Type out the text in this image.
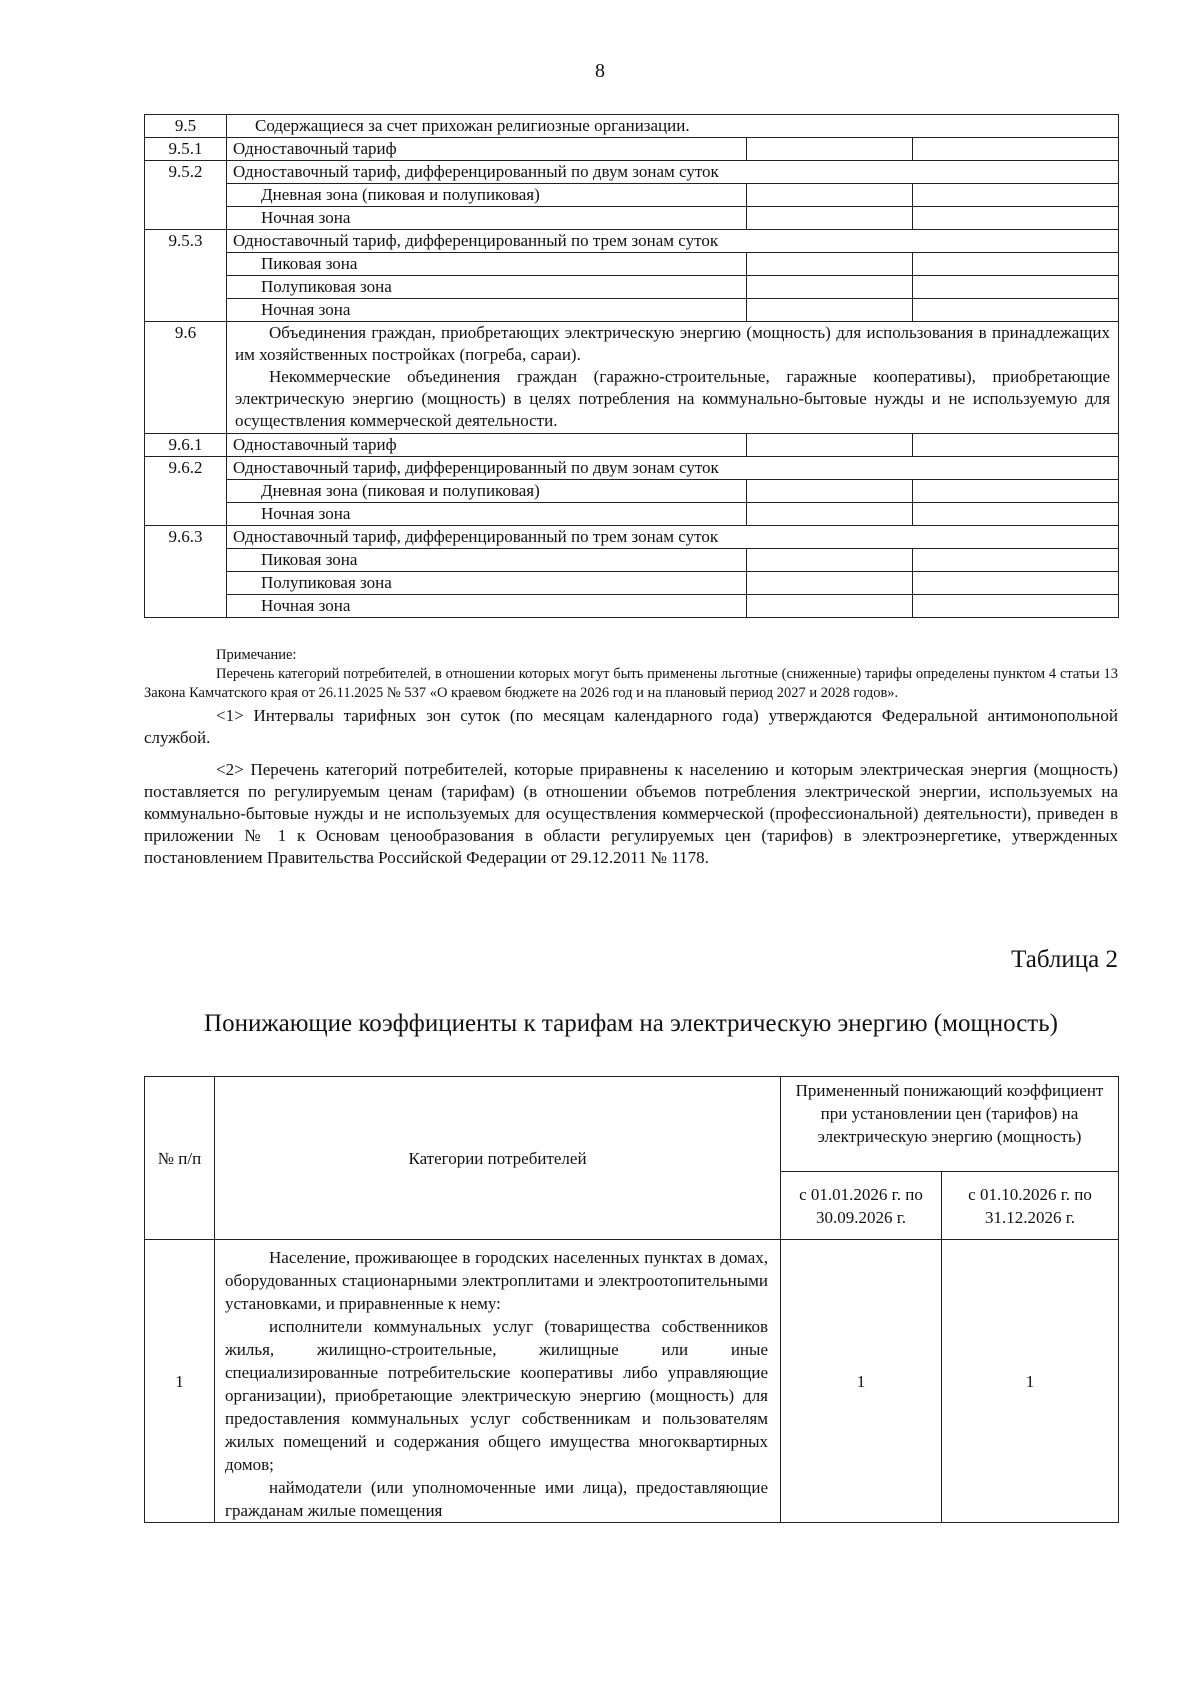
8
9.5	Содержащиеся за счет прихожан религиозные организации.		
9.5.1	Одноставочный тариф		
9.5.2	Одноставочный тариф, дифференцированный по двум зонам суток		
	Дневная зона (пиковая и полупиковая)		
	Ночная зона		
9.5.3	Одноставочный тариф, дифференцированный по трем зонам суток		
	Пиковая зона		
	Полупиковая зона		
	Ночная зона		
9.6	Объединения граждан, приобретающих электрическую энергию (мощность) для использования в принадлежащих им хозяйственных постройках (погреба, сараи).

Некоммерческие объединения граждан (гаражно-строительные, гаражные кооперативы), приобретающие электрическую энергию (мощность) в целях потребления на коммунально-бытовые нужды и не используемую для осуществления коммерческой деятельности.		

9.6.1	Одноставочный тариф		
9.6.2	Одноставочный тариф, дифференцированный по двум зонам суток		
	Дневная зона (пиковая и полупиковая)		
	Ночная зона		
9.6.3	Одноставочный тариф, дифференцированный по трем зонам суток		
	Пиковая зона		
	Полупиковая зона		
	Ночная зона		
Примечание:
Перечень категорий потребителей, в отношении которых могут быть применены льготные (сниженные) тарифы определены пунктом 4 статьи 13 Закона Камчатского края от 26.11.2025 № 537 «О краевом бюджете на 2026 год и на плановый период 2027 и 2028 годов».
<1> Интервалы тарифных зон суток (по месяцам календарного года) утверждаются Федеральной антимонопольной службой.
<2> Перечень категорий потребителей, которые приравнены к населению и которым электрическая энергия (мощность) поставляется по регулируемым ценам (тарифам) (в отношении объемов потребления электрической энергии, используемых на коммунально-бытовые нужды и не используемых для осуществления коммерческой (профессиональной) деятельности), приведен в приложении № 1 к Основам ценообразования в области регулируемых цен (тарифов) в электроэнергетике, утвержденных постановлением Правительства Российской Федерации от 29.12.2011 № 1178.
Таблица 2
Понижающие коэффициенты к тарифам на электрическую энергию (мощность)
№ п/п	Категории потребителей	Примененный понижающий коэффициент при установлении цен (тарифов) на электрическую энергию (мощность)	
		с 01.01.2026 г. по 30.09.2026 г.	с 01.10.2026 г. по 31.12.2026 г.
1	Население, проживающее в городских населенных пунктах в домах, оборудованных стационарными электроплитами и электроотопительными установками, и приравненные к нему:

исполнители коммунальных услуг (товарищества собственников жилья, жилищно-строительные, жилищные или иные специализированные потребительские кооперативы либо управляющие организации), приобретающие электрическую энергию (мощность) для предоставления коммунальных услуг собственникам и пользователям жилых помещений и содержания общего имущества многоквартирных домов;

наймодатели (или уполномоченные ими лица), предоставляющие гражданам жилые помещения	1	1
